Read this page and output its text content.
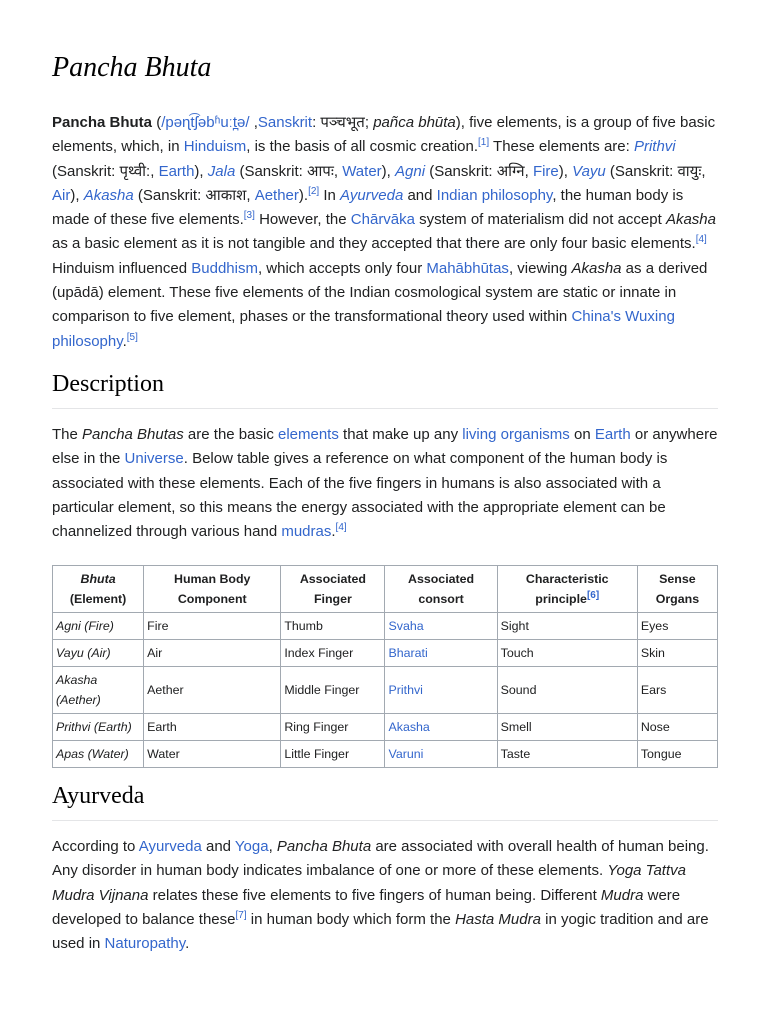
Pancha Bhuta

Pancha Bhuta (/pəɳt͡ʃəbʱuːt̪ə/ ,Sanskrit: पञ्चभूत; pañca bhūta), five elements, is a group of five basic elements, which, in Hinduism, is the basis of all cosmic creation.[1] These elements are: Prithvi (Sanskrit: पृथ्वी:, Earth), Jala (Sanskrit: आपः, Water), Agni (Sanskrit: अग्नि, Fire), Vayu (Sanskrit: वायुः, Air), Akasha (Sanskrit: आकाश, Aether).[2] In Ayurveda and Indian philosophy, the human body is made of these five elements.[3] However, the Chārvāka system of materialism did not accept Akasha as a basic element as it is not tangible and they accepted that there are only four basic elements.[4] Hinduism influenced Buddhism, which accepts only four Mahābhūtas, viewing Akasha as a derived (upādā) element. These five elements of the Indian cosmological system are static or innate in comparison to five element, phases or the transformational theory used within China's Wuxing philosophy.[5]

Description

The Pancha Bhutas are the basic elements that make up any living organisms on Earth or anywhere else in the Universe. Below table gives a reference on what component of the human body is associated with these elements. Each of the five fingers in humans is also associated with a particular element, so this means the energy associated with the appropriate element can be channelized through various hand mudras.[4]

Bhuta
(Element)	Human Body Component	Associated Finger	Associated consort	Characteristic principle[6]	Sense Organs
Agni (Fire)	Fire	Thumb	Svaha	Sight	Eyes
Vayu (Air)	Air	Index Finger	Bharati	Touch	Skin
Akasha (Aether)	Aether	Middle Finger	Prithvi	Sound	Ears
Prithvi (Earth)	Earth	Ring Finger	Akasha	Smell	Nose
Apas (Water)	Water	Little Finger	Varuni	Taste	Tongue
Ayurveda

According to Ayurveda and Yoga, Pancha Bhuta are associated with overall health of human being. Any disorder in human body indicates imbalance of one or more of these elements. Yoga Tattva Mudra Vijnana relates these five elements to five fingers of human being. Different Mudra were developed to balance these[7] in human body which form the Hasta Mudra in yogic tradition and are used in Naturopathy.
